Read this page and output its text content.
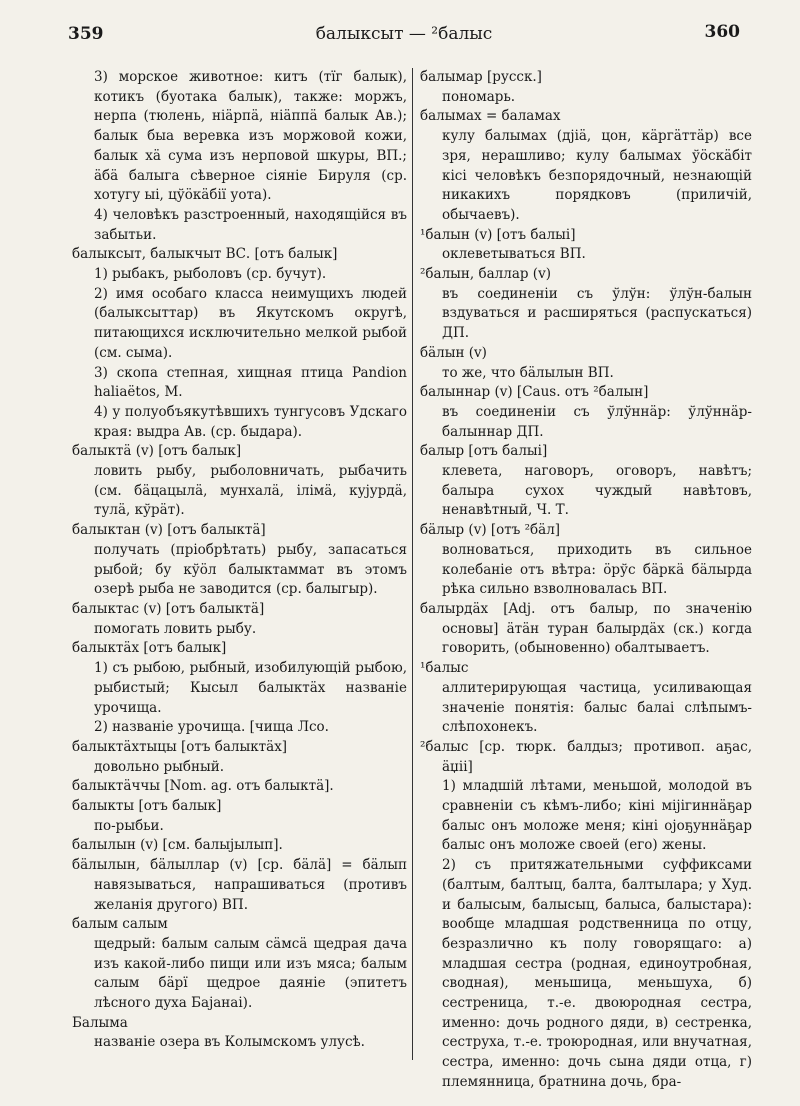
359	балыксыт — ²балыс	360

3) морское животное: китъ (тїг балык), котикъ (буотака балык), также: моржъ, нерпа (тюлень, ніäрпä, ніäппä балык Ав.); балык быа веревка изъ моржовой кожи, балык хä сума изъ нерповой шкуры, ВП.; äбä балыга сѣверное сіяніе Бируля (ср. хотугу ыі, цўöкäбії уота).

4) человѣкъ разстроенный, находящійся въ забытьи.

балыксыт, балыкчыт ВС. [отъ балык]

1) рыбакъ, рыболовъ (ср. бучут).

2) имя особаго класса неимущихъ людей (балыксыттар) въ Якутскомъ округѣ, питающихся исключительно мелкой рыбой (см. сыма).

3) скопа степная, хищная птица Pandion haliaëtos, М.

4) у полуобъякутѣвшихъ тунгусовъ Удскаго края: выдра Ав. (ср. быдара).

балыктä (v) [отъ балык]

ловить рыбу, рыболовничать, рыбачить (см. бäцацылä, мунхалä, ілімä, кујурдä, тулä, кўрäт).

балыктан (v) [отъ балыктä]

получать (пріобрѣтать) рыбу, запасаться рыбой; бу кўöл балыктаммат въ этомъ озерѣ рыба не заводится (ср. балыгыр).

балыктас (v) [отъ балыктä]

помогать ловить рыбу.

балыктäх [отъ балык]

1) съ рыбою, рыбный, изобилующій рыбою, рыбистый; Кысыл балыктäх названіе урочища.

2) названіе урочища. [чища Лсо.

балыктäхтыцы [отъ балыктäх]

довольно рыбный.

балыктäччы [Nom. ag. отъ балыктä].

балыкты [отъ балык]

по-рыбьи.

балылын (v) [см. балыјылып].

бäлылын, бäлыллар (v) [ср. бäлä] = бäлып навязываться, напрашиваться (противъ желанія другого) ВП.

балым салым

щедрый: балым салым сäмсä щедрая дача изъ какой-либо пищи или изъ мяса; балым салым бäрї щедрое даяніе (эпитетъ лѣсного духа Бајанаі).

Балыма

названіе озера въ Колымскомъ улусѣ.

балымар [русск.]

пономарь.

балымах = баламах

кулу балымах (дјіä, цон, кäргäттäр) все зря, нерашливо; кулу балымах ўöскäбіт кісі человѣкъ безпорядочный, незнающій никакихъ порядковъ (приличій, обычаевъ).

¹балын (v) [отъ балыі]

оклеветываться ВП.

²балын, баллар (v)

въ соединеніи съ ўлўн: ўлўн-балын вздуваться и расширяться (распускаться) ДП.

бäлын (v)

то же, что бäлылын ВП.

балыннар (v) [Caus. отъ ²балын]

въ соединеніи съ ўлўннäр: ўлўннäр-балыннар ДП.

балыр [отъ балыі]

клевета, наговоръ, оговоръ, навѣтъ; балыра сухох чуждый навѣтовъ, ненавѣтный, Ч. Т.

бäлыр (v) [отъ ²бäл]

волноваться, приходить въ сильное колебаніе отъ вѣтра: öрўс бäркä бäлырда рѣка сильно взволновалась ВП.

балырдäх [Adj. отъ балыр, по значенію основы] äтäн туран балырдäх (ск.) когда говорить, (обыновенно) обалтываетъ.

¹балыс

аллитерирующая частица, усиливающая значеніе понятія: балыс балаі слѣпымъ-слѣпохонекъ.

²балыс [ср. тюрк. балдыз; противоп. аҕас, äџіі]

1) младшій лѣтами, меньшой, молодой въ сравненіи съ кѣмъ-либо; кіні міјігиннäҕар балыс онъ моложе меня; кіні ојоҕуннäҕар балыс онъ моложе своей (его) жены.

2) съ притяжательными суффиксами (балтым, балтыц, балта, балтылара; у Худ. и балысым, балысыц, балыса, балыстара): вообще младшая родственница по отцу, безразлично къ полу говорящаго: а) младшая сестра (родная, единоутробная, сводная), меньшица, меньшуха, б) сестреница, т.-е. двоюродная сестра, именно: дочь родного дяди, в) сестренка, сеструха, т.-е. троюродная, или внучатная, сестра, именно: дочь сына дяди отца, г) племянница, братнина дочь, бра-
